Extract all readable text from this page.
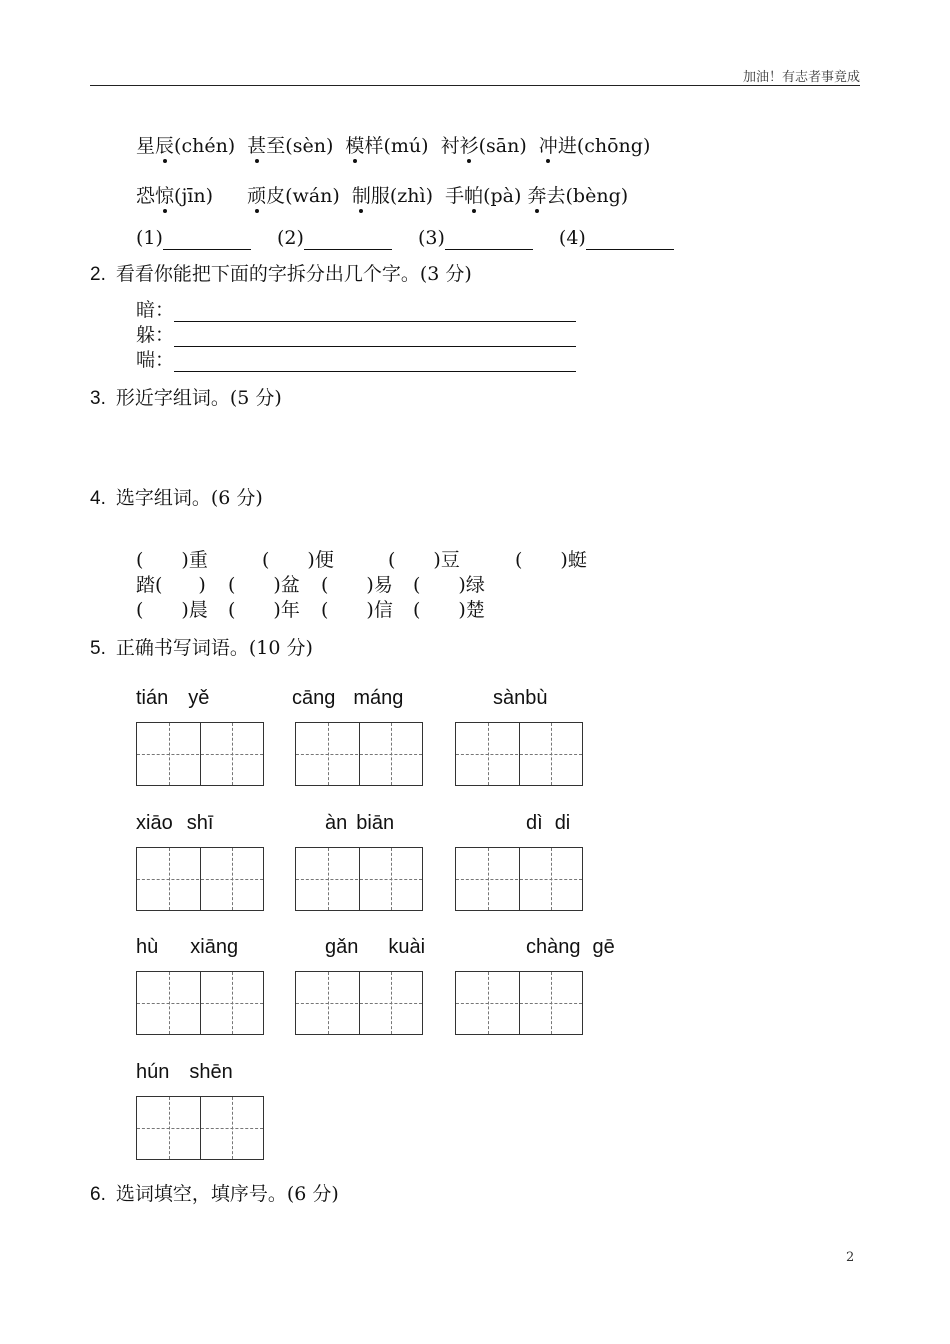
加油！有志者事竟成
星辰(chén) 甚至(sèn) 模样(mú) 衬衫(sān) 冲进(chōng)
恐惊(jīn) 顽皮(wán) 制服(zhì) 手帕(pà) 奔去(bèng)
(1)	(2)	(3)	(4)
2. 看看你能把下面的字拆分出几个字。(3 分)
暗：
躲：
喘：
3. 形近字组词。(5 分)
4. 选字组词。(6 分)
( )重	( )便	( )豆	( )蜓
踏( ) ( )盆 ( )易 ( )绿
( )晨 ( )年 ( )信 ( )楚
5. 正确书写词语。(10 分)
tián yě	cāng máng	sànbù
xiāo shī	àn biān	dì di
hù xiāng	gǎn kuài	chàng gē
hún shēn
6. 选词填空，填序号。(6 分)
2
